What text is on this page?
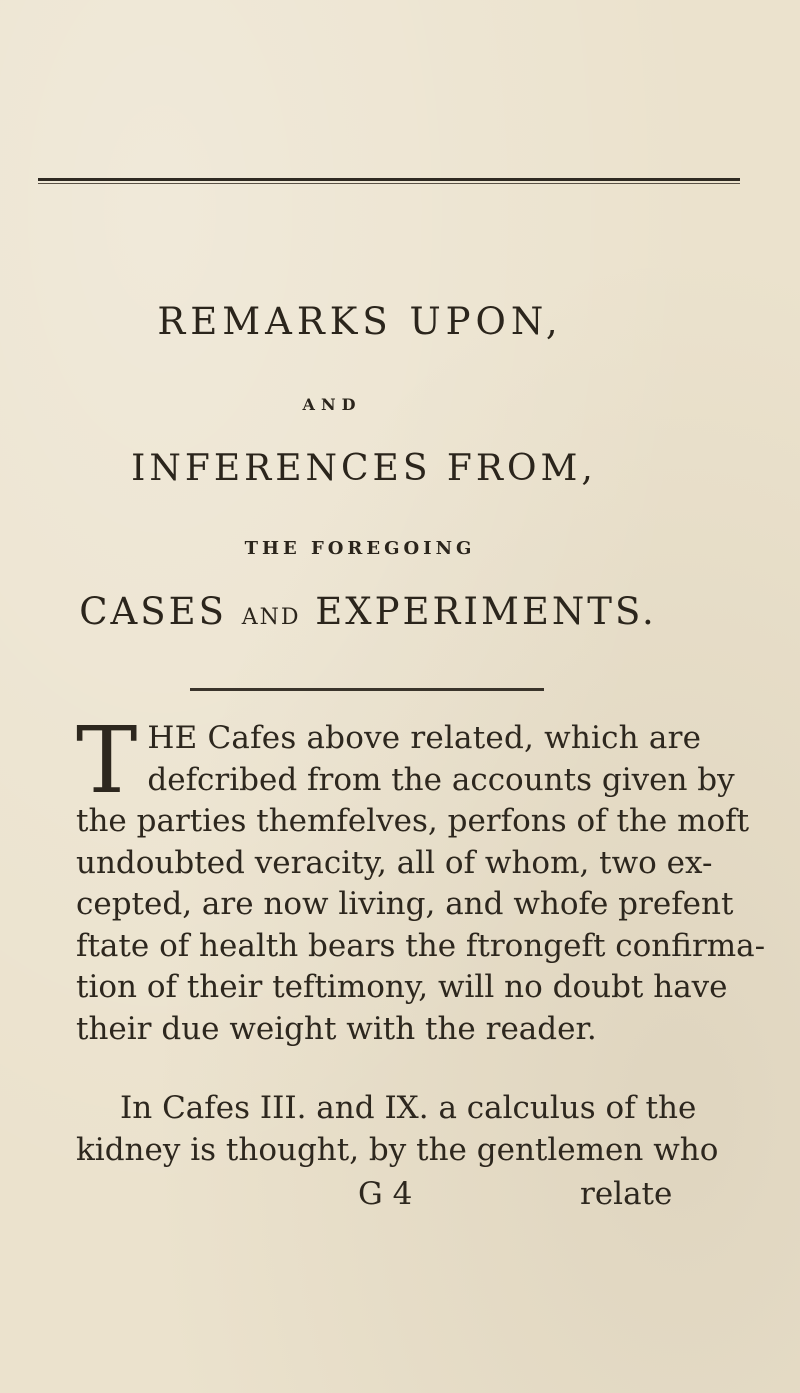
REMARKS UPON,
AND
INFERENCES FROM,
THE FOREGOING
CASES AND EXPERIMENTS.
T HE Cafes above related, which are
defcribed from the accounts given by
the parties themfelves, perfons of the moft
undoubted veracity, all of whom, two ex-
cepted, are now living, and whofe prefent
ftate of health bears the ftrongeft confirma-
tion of their teftimony, will no doubt have
their due weight with the reader.
In Cafes III. and IX. a calculus of the
kidney is thought, by the gentlemen who
G 4	relate
